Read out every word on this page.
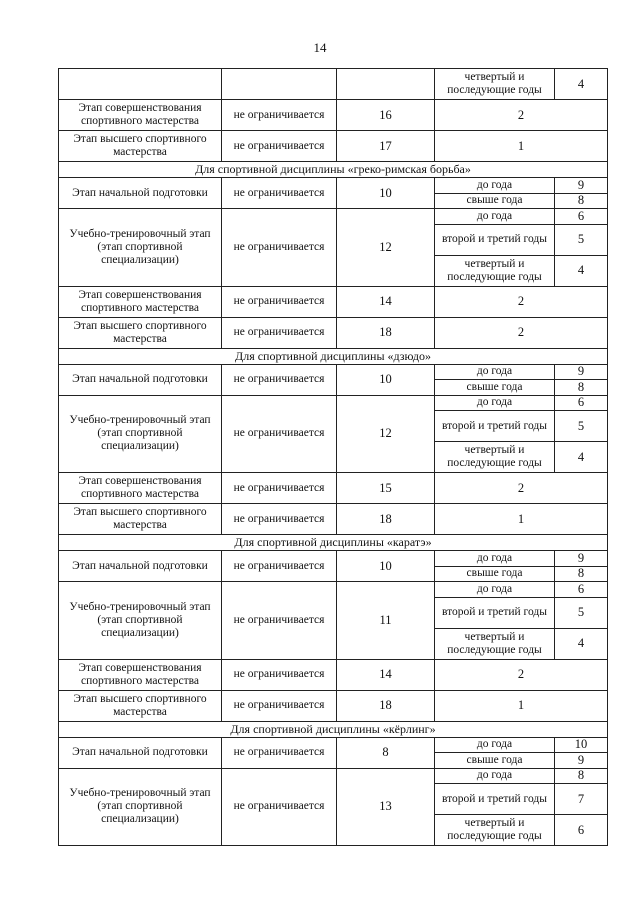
14
			четвертый и последующие годы	4
Этап совершенствования спортивного мастерства	не ограничивается	16	2	
Этап высшего спортивного мастерства	не ограничивается	17	1	
Для спортивной дисциплины «греко-римская борьба»				
Этап начальной подготовки	не ограничивается	10	до года	9
			свыше года	8
Учебно-тренировочный этап (этап спортивной специализации)	не ограничивается	12	до года	6
			второй и третий годы	5
			четвертый и последующие годы	4
Этап совершенствования спортивного мастерства	не ограничивается	14	2	
Этап высшего спортивного мастерства	не ограничивается	18	2	
Для спортивной дисциплины «дзюдо»				
Этап начальной подготовки	не ограничивается	10	до года	9
			свыше года	8
Учебно-тренировочный этап (этап спортивной специализации)	не ограничивается	12	до года	6
			второй и третий годы	5
			четвертый и последующие годы	4
Этап совершенствования спортивного мастерства	не ограничивается	15	2	
Этап высшего спортивного мастерства	не ограничивается	18	1	
Для спортивной дисциплины «каратэ»				
Этап начальной подготовки	не ограничивается	10	до года	9
			свыше года	8
Учебно-тренировочный этап (этап спортивной специализации)	не ограничивается	11	до года	6
			второй и третий годы	5
			четвертый и последующие годы	4
Этап совершенствования спортивного мастерства	не ограничивается	14	2	
Этап высшего спортивного мастерства	не ограничивается	18	1	
Для спортивной дисциплины «кёрлинг»				
Этап начальной подготовки	не ограничивается	8	до года	10
			свыше года	9
Учебно-тренировочный этап (этап спортивной специализации)	не ограничивается	13	до года	8
			второй и третий годы	7
			четвертый и последующие годы	6
